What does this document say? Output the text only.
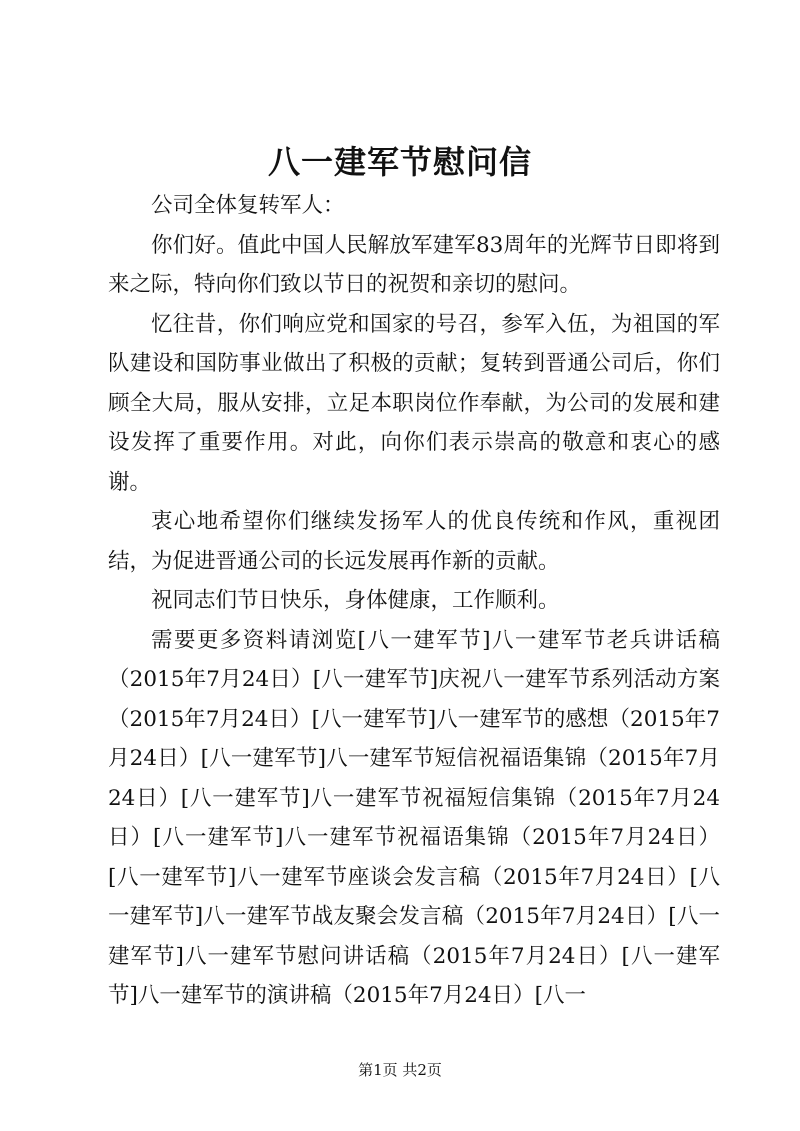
八一建军节慰问信

公司全体复转军人：

你们好。值此中国人民解放军建军83周年的光辉节日即将到来之际，特向你们致以节日的祝贺和亲切的慰问。

忆往昔，你们响应党和国家的号召，参军入伍，为祖国的军队建设和国防事业做出了积极的贡献；复转到晋通公司后，你们顾全大局，服从安排，立足本职岗位作奉献，为公司的发展和建设发挥了重要作用。对此，向你们表示崇高的敬意和衷心的感谢。

衷心地希望你们继续发扬军人的优良传统和作风，重视团结，为促进晋通公司的长远发展再作新的贡献。

祝同志们节日快乐，身体健康，工作顺利。

需要更多资料请浏览[八一建军节]八一建军节老兵讲话稿（2015年7月24日）[八一建军节]庆祝八一建军节系列活动方案（2015年7月24日）[八一建军节]八一建军节的感想（2015年7月24日）[八一建军节]八一建军节短信祝福语集锦（2015年7月24日）[八一建军节]八一建军节祝福短信集锦（2015年7月24日）[八一建军节]八一建军节祝福语集锦（2015年7月24日）[八一建军节]八一建军节座谈会发言稿（2015年7月24日）[八一建军节]八一建军节战友聚会发言稿（2015年7月24日）[八一建军节]八一建军节慰问讲话稿（2015年7月24日）[八一建军节]八一建军节的演讲稿（2015年7月24日）[八一

第1页 共2页
